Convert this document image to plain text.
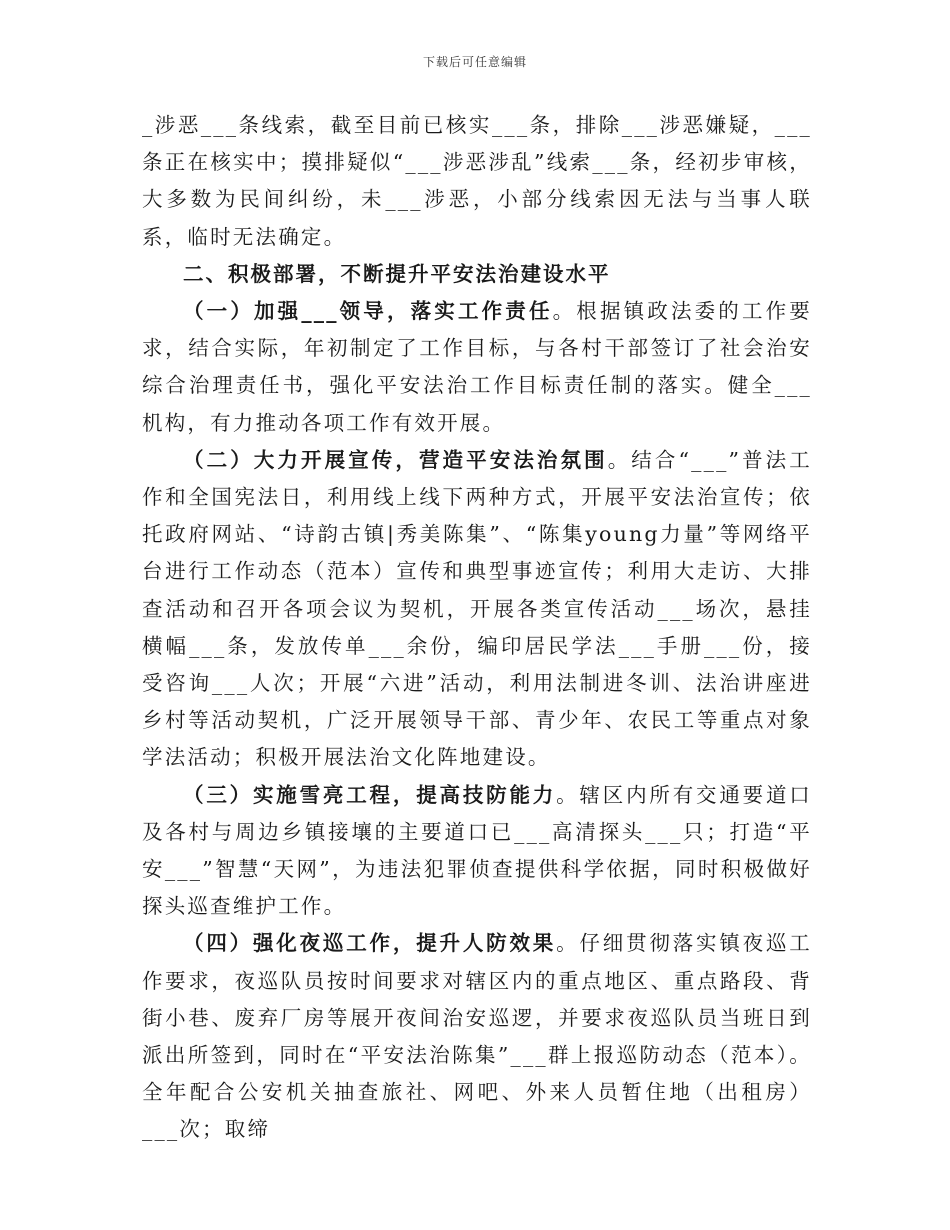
下载后可任意编辑

_涉恶___条线索，截至目前已核实___条，排除___涉恶嫌疑，___条正在核实中；摸排疑似“___涉恶涉乱”线索___条，经初步审核，大多数为民间纠纷，未___涉恶，小部分线索因无法与当事人联系，临时无法确定。

二、积极部署，不断提升平安法治建设水平

（一）加强___领导，落实工作责任。根据镇政法委的工作要求，结合实际，年初制定了工作目标，与各村干部签订了社会治安综合治理责任书，强化平安法治工作目标责任制的落实。健全___机构，有力推动各项工作有效开展。

（二）大力开展宣传，营造平安法治氛围。结合“___”普法工作和全国宪法日，利用线上线下两种方式，开展平安法治宣传；依托政府网站、“诗韵古镇|秀美陈集”、“陈集young力量”等网络平台进行工作动态（范本）宣传和典型事迹宣传；利用大走访、大排查活动和召开各项会议为契机，开展各类宣传活动___场次，悬挂横幅___条，发放传单___余份，编印居民学法___手册___份，接受咨询___人次；开展“六进”活动，利用法制进冬训、法治讲座进乡村等活动契机，广泛开展领导干部、青少年、农民工等重点对象学法活动；积极开展法治文化阵地建设。

（三）实施雪亮工程，提高技防能力。辖区内所有交通要道口及各村与周边乡镇接壤的主要道口已___高清探头___只；打造“平安___”智慧“天网”，为违法犯罪侦查提供科学依据，同时积极做好探头巡查维护工作。

（四）强化夜巡工作，提升人防效果。仔细贯彻落实镇夜巡工作要求，夜巡队员按时间要求对辖区内的重点地区、重点路段、背街小巷、废弃厂房等展开夜间治安巡逻，并要求夜巡队员当班日到派出所签到，同时在“平安法治陈集”___群上报巡防动态（范本）。全年配合公安机关抽查旅社、网吧、外来人员暂住地（出租房）___次；取缔
